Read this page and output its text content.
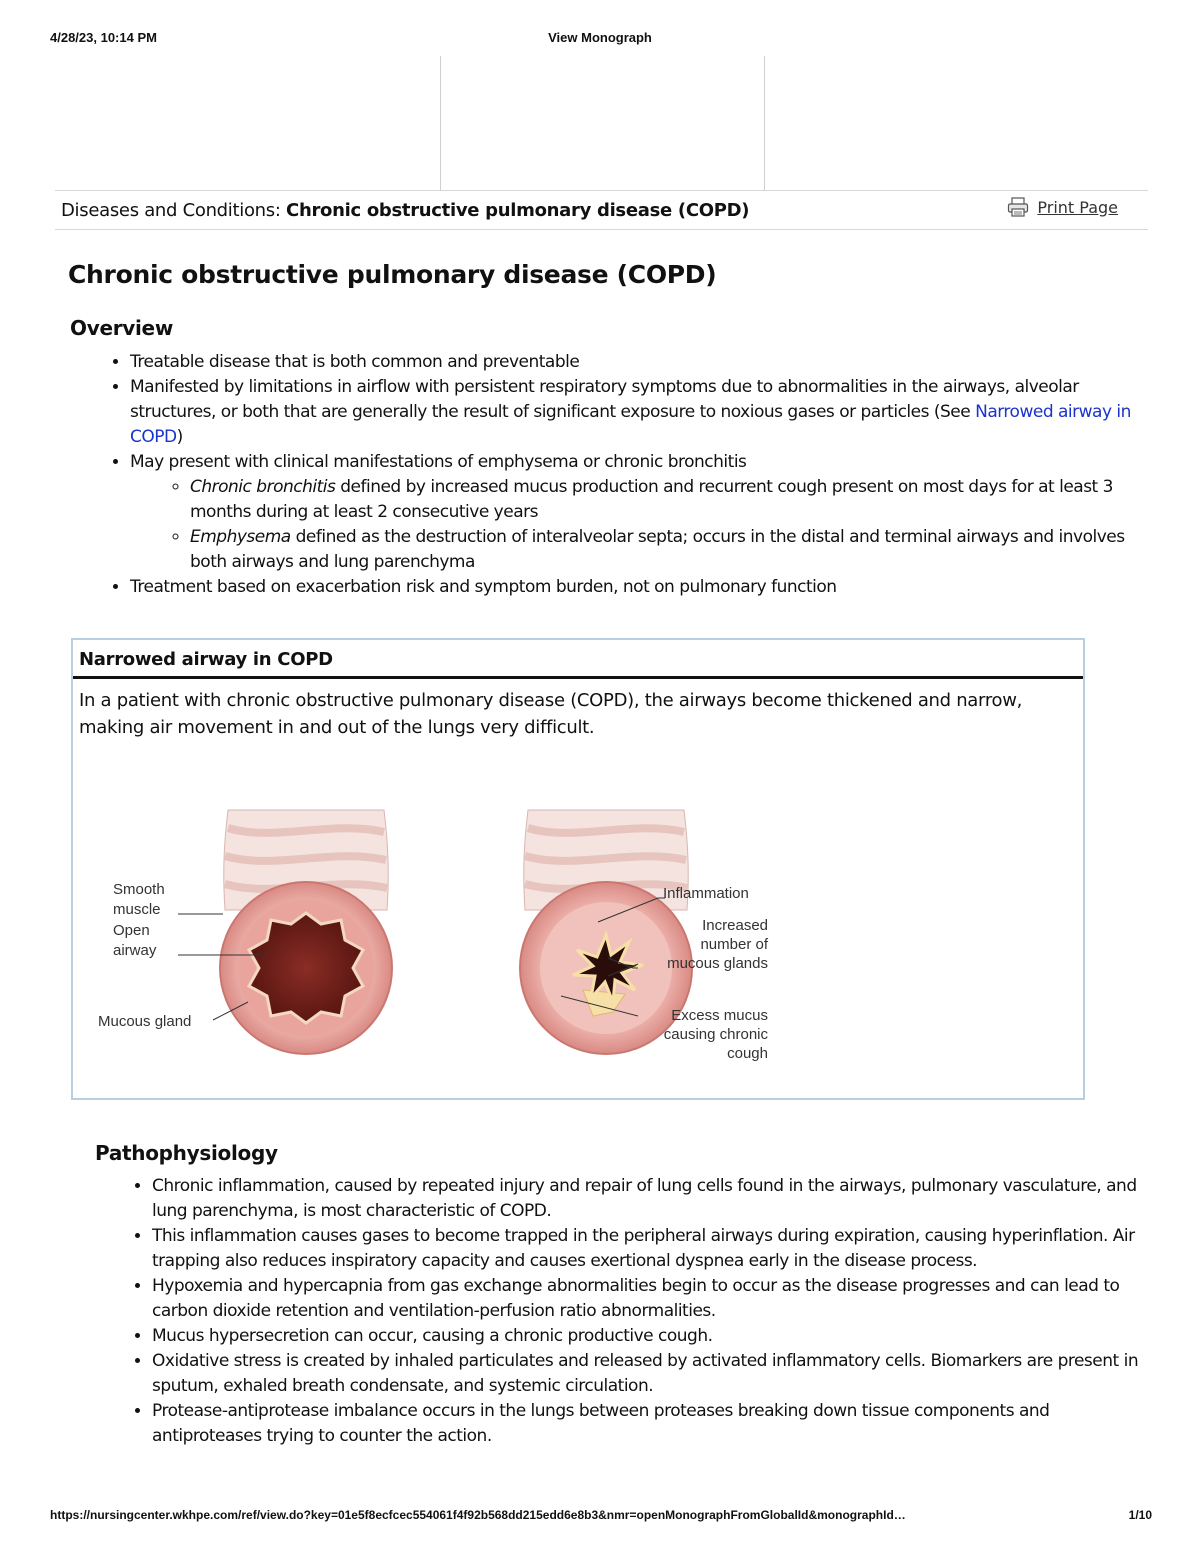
4/28/23, 10:14 PM	View Monograph
Diseases and Conditions: Chronic obstructive pulmonary disease (COPD)	Print Page
Chronic obstructive pulmonary disease (COPD)
Overview
• Treatable disease that is both common and preventable
• Manifested by limitations in airflow with persistent respiratory symptoms due to abnormalities in the airways, alveolar structures, or both that are generally the result of significant exposure to noxious gases or particles (See Narrowed airway in COPD)
• May present with clinical manifestations of emphysema or chronic bronchitis
◦ Chronic bronchitis defined by increased mucus production and recurrent cough present on most days for at least 3 months during at least 2 consecutive years
◦ Emphysema defined as the destruction of interalveolar septa; occurs in the distal and terminal airways and involves both airways and lung parenchyma
• Treatment based on exacerbation risk and symptom burden, not on pulmonary function
Narrowed airway in COPD
In a patient with chronic obstructive pulmonary disease (COPD), the airways become thickened and narrow, making air movement in and out of the lungs very difficult.
Smooth
muscle
Open
airway
Mucous gland
Inflammation
Increased
number of
mucous glands
Excess mucus
causing chronic
cough
Pathophysiology
• Chronic inflammation, caused by repeated injury and repair of lung cells found in the airways, pulmonary vasculature, and lung parenchyma, is most characteristic of COPD.
• This inflammation causes gases to become trapped in the peripheral airways during expiration, causing hyperinflation. Air trapping also reduces inspiratory capacity and causes exertional dyspnea early in the disease process.
• Hypoxemia and hypercapnia from gas exchange abnormalities begin to occur as the disease progresses and can lead to carbon dioxide retention and ventilation-perfusion ratio abnormalities.
• Mucus hypersecretion can occur, causing a chronic productive cough.
• Oxidative stress is created by inhaled particulates and released by activated inflammatory cells. Biomarkers are present in sputum, exhaled breath condensate, and systemic circulation.
• Protease-antiprotease imbalance occurs in the lungs between proteases breaking down tissue components and antiproteases trying to counter the action.
https://nursingcenter.wkhpe.com/ref/view.do?key=01e5f8ecfcec554061f4f92b568dd215edd6e8b3&nmr=openMonographFromGlobalId&monographId…	1/10
